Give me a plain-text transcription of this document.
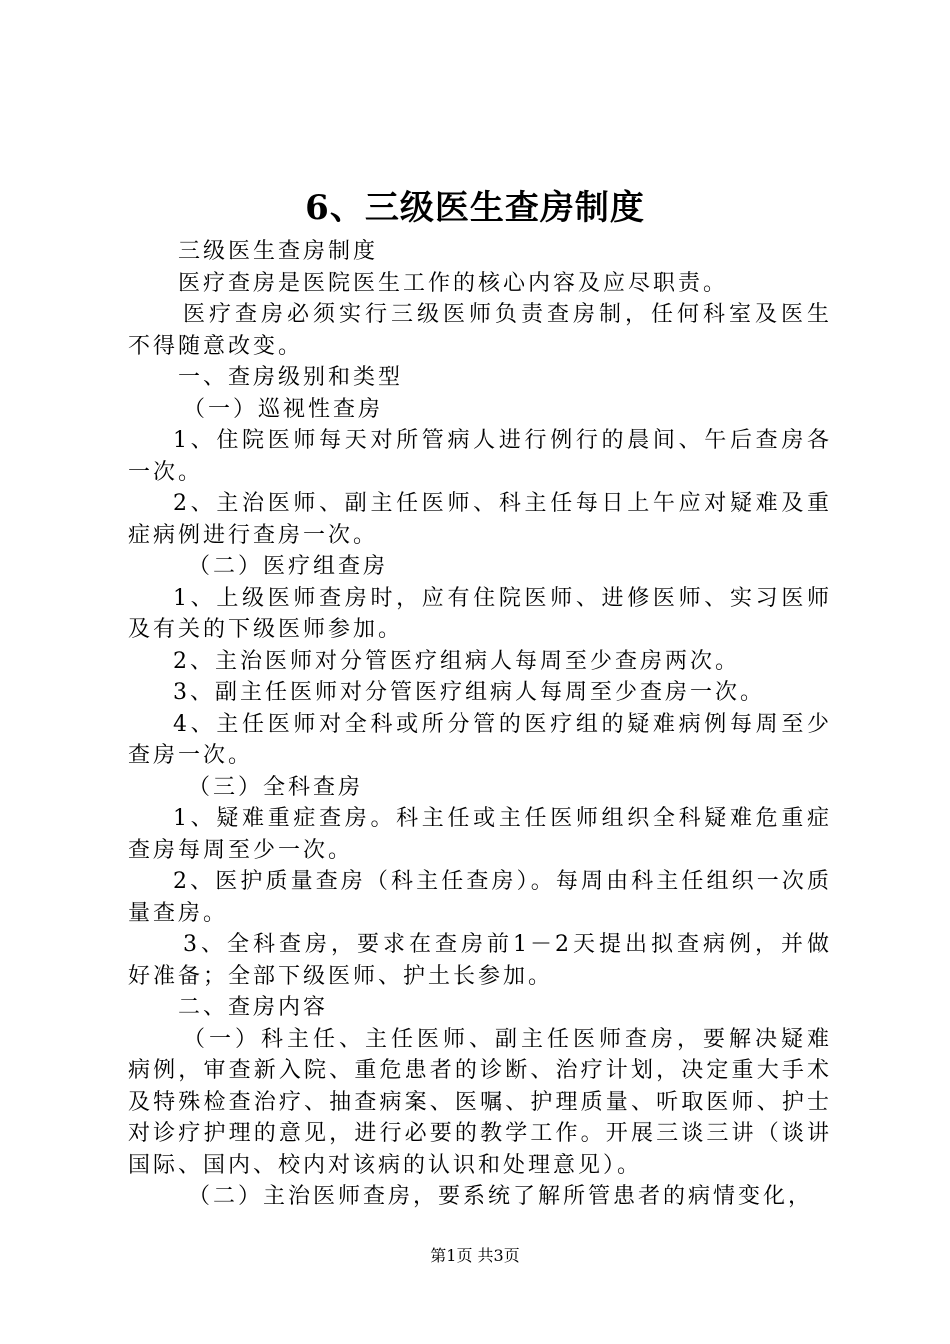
6、三级医生查房制度

三级医生查房制度

医疗查房是医院医生工作的核心内容及应尽职责。

医疗查房必须实行三级医师负责查房制，任何科室及医生不得随意改变。

一、查房级别和类型

（一）巡视性查房

1、住院医师每天对所管病人进行例行的晨间、午后查房各一次。

2、主治医师、副主任医师、科主任每日上午应对疑难及重症病例进行查房一次。

（二）医疗组查房

1、上级医师查房时，应有住院医师、进修医师、实习医师及有关的下级医师参加。

2、主治医师对分管医疗组病人每周至少查房两次。

3、副主任医师对分管医疗组病人每周至少查房一次。

4、主任医师对全科或所分管的医疗组的疑难病例每周至少查房一次。

（三）全科查房

1、疑难重症查房。科主任或主任医师组织全科疑难危重症查房每周至少一次。

2、医护质量查房（科主任查房）。每周由科主任组织一次质量查房。

3、全科查房，要求在查房前1－2天提出拟查病例，并做好准备；全部下级医师、护土长参加。

二、查房内容

（一）科主任、主任医师、副主任医师查房，要解决疑难病例，审查新入院、重危患者的诊断、治疗计划，决定重大手术及特殊检查治疗、抽查病案、医嘱、护理质量、听取医师、护士对诊疗护理的意见，进行必要的教学工作。开展三谈三讲（谈讲国际、国内、校内对该病的认识和处理意见）。

（二）主治医师查房，要系统了解所管患者的病情变化，

第1页 共3页
